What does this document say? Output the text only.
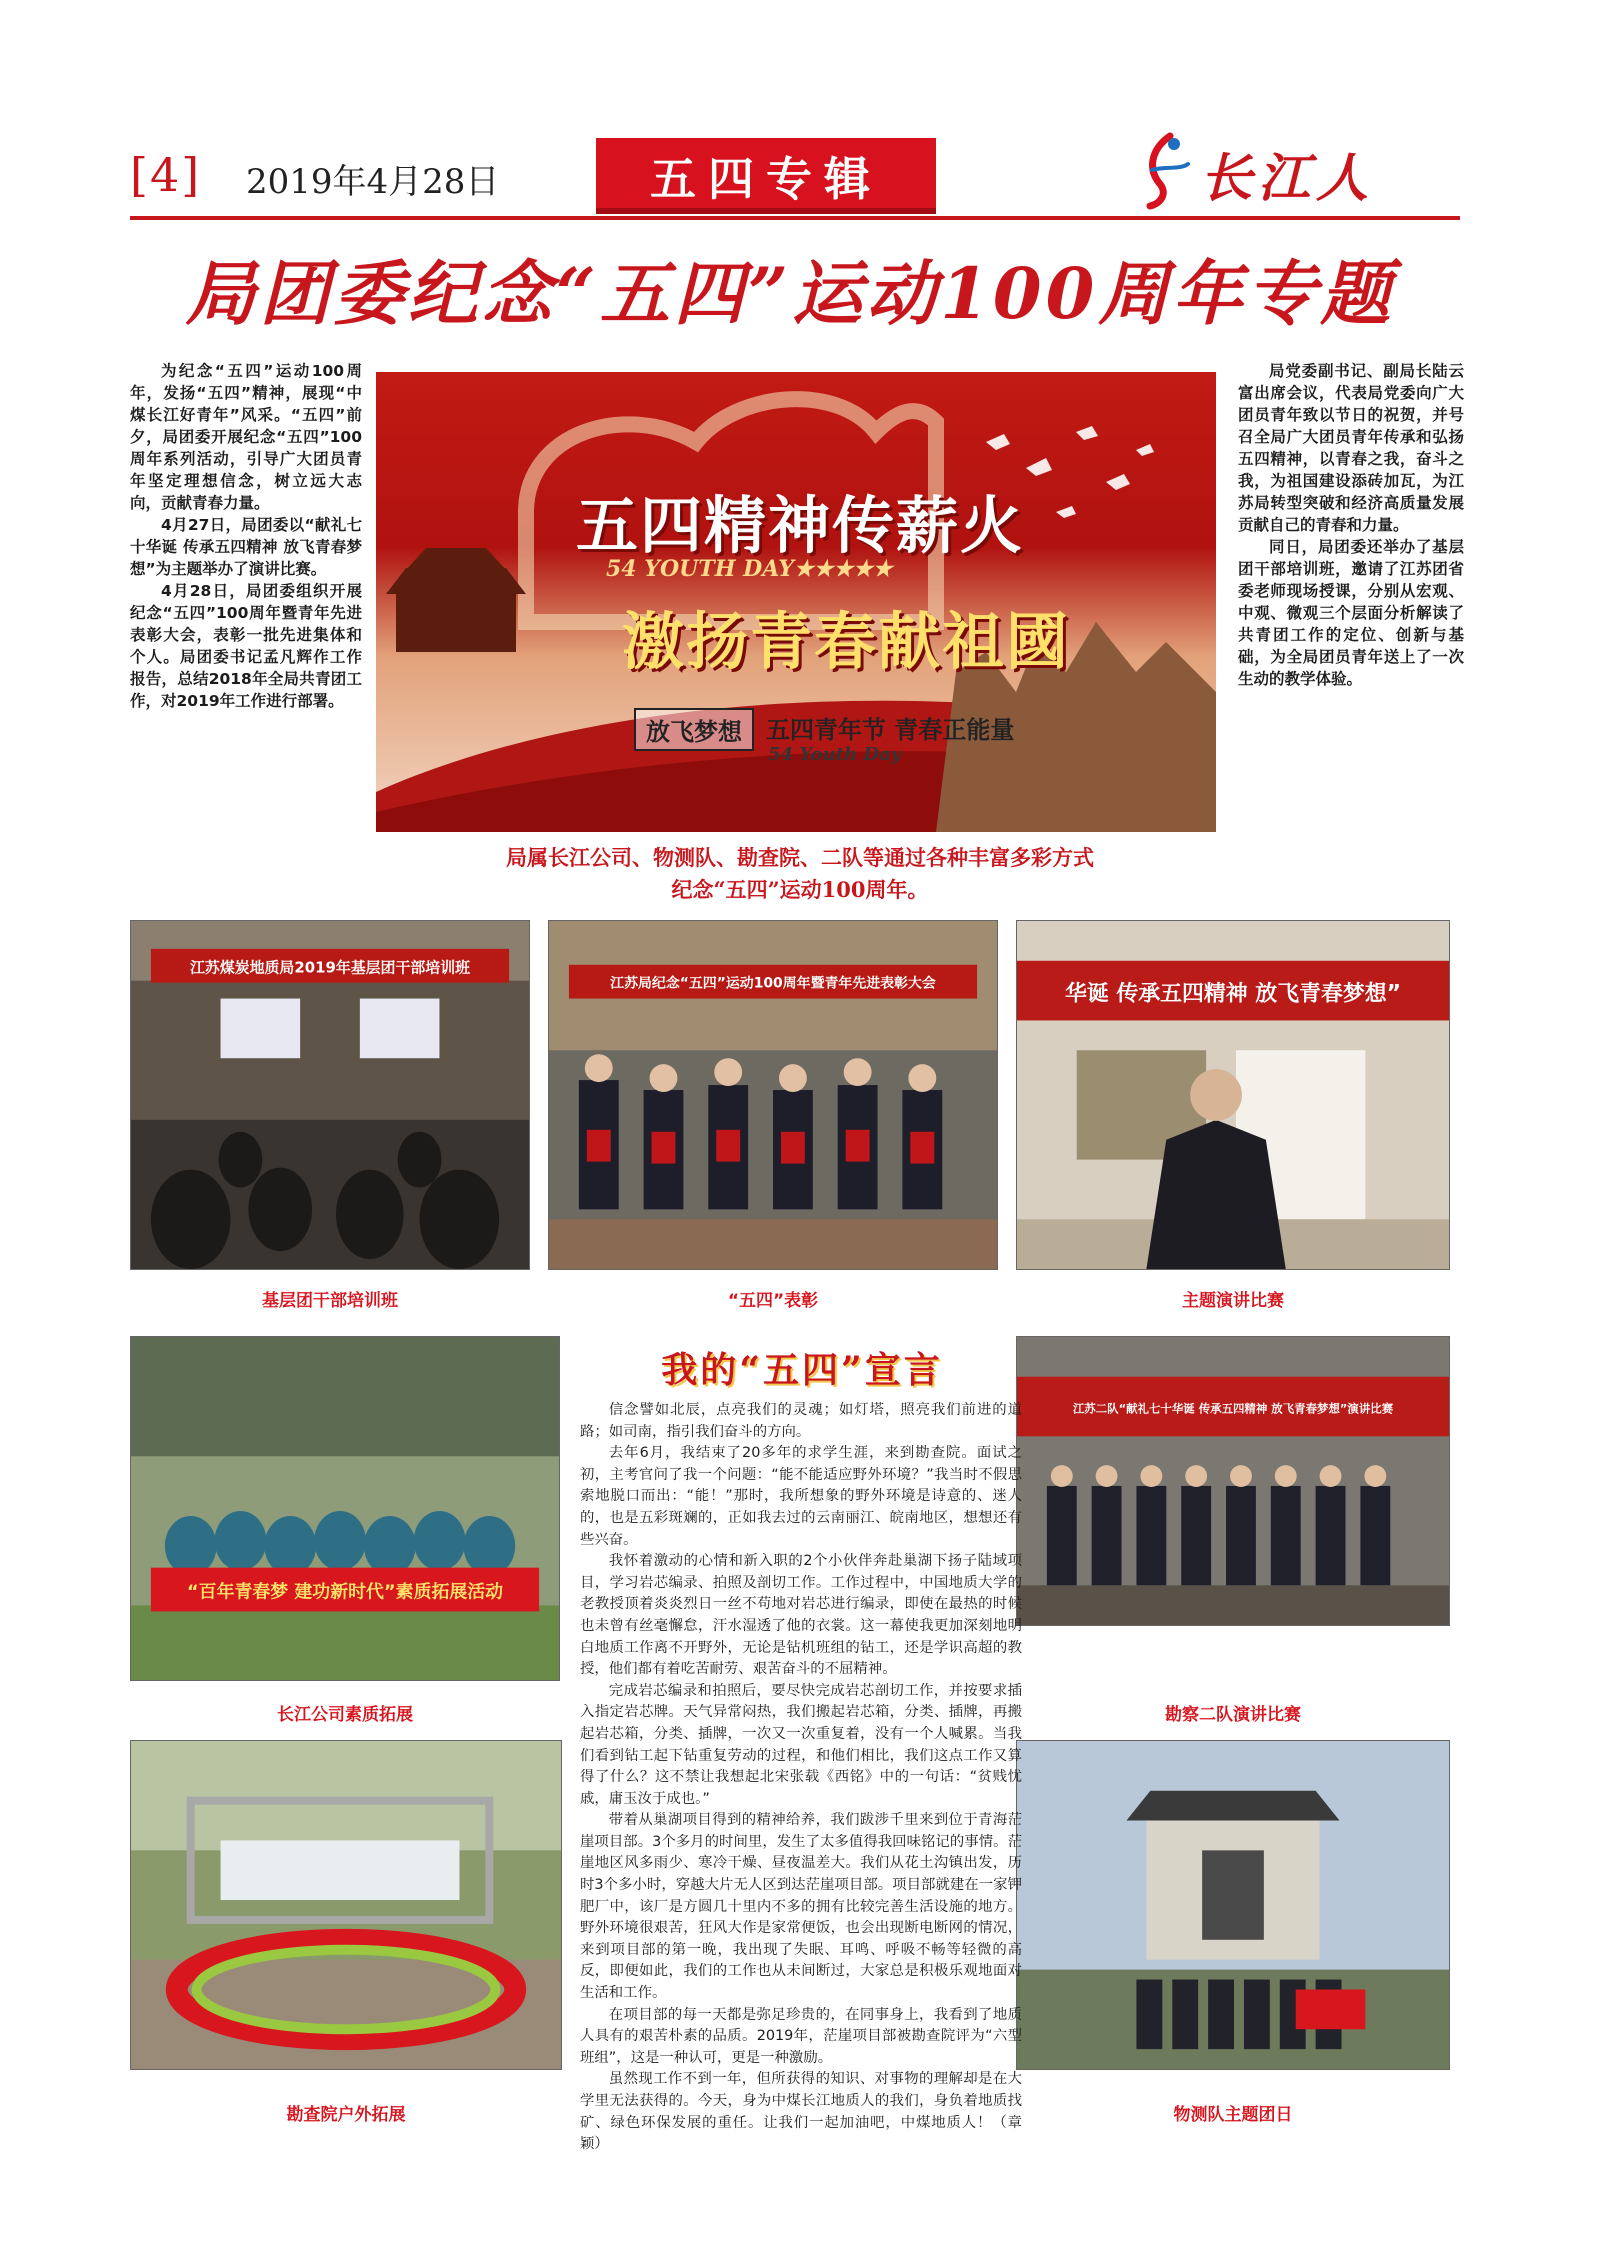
[4] 2019年4月28日	五四专辑	长江人
局团委纪念“五四”运动100周年专题

为纪念“五四”运动100周年，发扬“五四”精神，展现“中煤长江好青年”风采。“五四”前夕，局团委开展纪念“五四”100周年系列活动，引导广大团员青年坚定理想信念，树立远大志向，贡献青春力量。

4月27日，局团委以“献礼七十华诞 传承五四精神 放飞青春梦想”为主题举办了演讲比赛。

4月28日，局团委组织开展纪念“五四”100周年暨青年先进表彰大会，表彰一批先进集体和个人。局团委书记孟凡辉作工作报告，总结2018年全局共青团工作，对2019年工作进行部署。

五四精神传薪火
54 YOUTH DAY★★★★★
激扬青春献祖國
放飞梦想	五四青年节 青春正能量
54 Youth Day

局党委副书记、副局长陆云富出席会议，代表局党委向广大团员青年致以节日的祝贺，并号召全局广大团员青年传承和弘扬五四精神，以青春之我，奋斗之我，为祖国建设添砖加瓦，为江苏局转型突破和经济高质量发展贡献自己的青春和力量。

同日，局团委还举办了基层团干部培训班，邀请了江苏团省委老师现场授课，分别从宏观、中观、微观三个层面分析解读了共青团工作的定位、创新与基础，为全局团员青年送上了一次生动的教学体验。

局属长江公司、物测队、勘查院、二队等通过各种丰富多彩方式
纪念“五四”运动100周年。
江苏煤炭地质局2019年基层团干部培训班
基层团干部培训班
江苏局纪念“五四”运动100周年暨青年先进表彰大会
“五四”表彰
华诞 传承五四精神 放飞青春梦想”
主题演讲比赛
“百年青春梦 建功新时代”素质拓展活动
长江公司素质拓展
江苏二队“献礼七十华诞 传承五四精神 放飞青春梦想”演讲比赛
勘察二队演讲比赛
勘查院户外拓展	物测队主题团日
我的“五四”宣言

信念譬如北辰，点亮我们的灵魂；如灯塔，照亮我们前进的道路；如司南，指引我们奋斗的方向。

去年6月，我结束了20多年的求学生涯，来到勘查院。面试之初，主考官问了我一个问题：“能不能适应野外环境？”我当时不假思索地脱口而出：“能！”那时，我所想象的野外环境是诗意的、迷人的，也是五彩斑斓的，正如我去过的云南丽江、皖南地区，想想还有些兴奋。

我怀着激动的心情和新入职的2个小伙伴奔赴巢湖下扬子陆域项目，学习岩芯编录、拍照及剖切工作。工作过程中，中国地质大学的老教授顶着炎炎烈日一丝不苟地对岩芯进行编录，即使在最热的时候也未曾有丝毫懈怠，汗水湿透了他的衣裳。这一幕使我更加深刻地明白地质工作离不开野外，无论是钻机班组的钻工，还是学识高超的教授，他们都有着吃苦耐劳、艰苦奋斗的不屈精神。

完成岩芯编录和拍照后，要尽快完成岩芯剖切工作，并按要求插入指定岩芯牌。天气异常闷热，我们搬起岩芯箱，分类、插牌，再搬起岩芯箱，分类、插牌，一次又一次重复着，没有一个人喊累。当我们看到钻工起下钻重复劳动的过程，和他们相比，我们这点工作又算得了什么？这不禁让我想起北宋张载《西铭》中的一句话：“贫贱忧戚，庸玉汝于成也。”

带着从巢湖项目得到的精神给养，我们跋涉千里来到位于青海茫崖项目部。3个多月的时间里，发生了太多值得我回味铭记的事情。茫崖地区风多雨少、寒冷干燥、昼夜温差大。我们从花土沟镇出发，历时3个多小时，穿越大片无人区到达茫崖项目部。项目部就建在一家钾肥厂中，该厂是方圆几十里内不多的拥有比较完善生活设施的地方。野外环境很艰苦，狂风大作是家常便饭，也会出现断电断网的情况，来到项目部的第一晚，我出现了失眠、耳鸣、呼吸不畅等轻微的高反，即便如此，我们的工作也从未间断过，大家总是积极乐观地面对生活和工作。

在项目部的每一天都是弥足珍贵的，在同事身上，我看到了地质人具有的艰苦朴素的品质。2019年，茫崖项目部被勘查院评为“六型班组”，这是一种认可，更是一种激励。

虽然现工作不到一年，但所获得的知识、对事物的理解却是在大学里无法获得的。今天，身为中煤长江地质人的我们，身负着地质找矿、绿色环保发展的重任。让我们一起加油吧，中煤地质人！（章 颖）
